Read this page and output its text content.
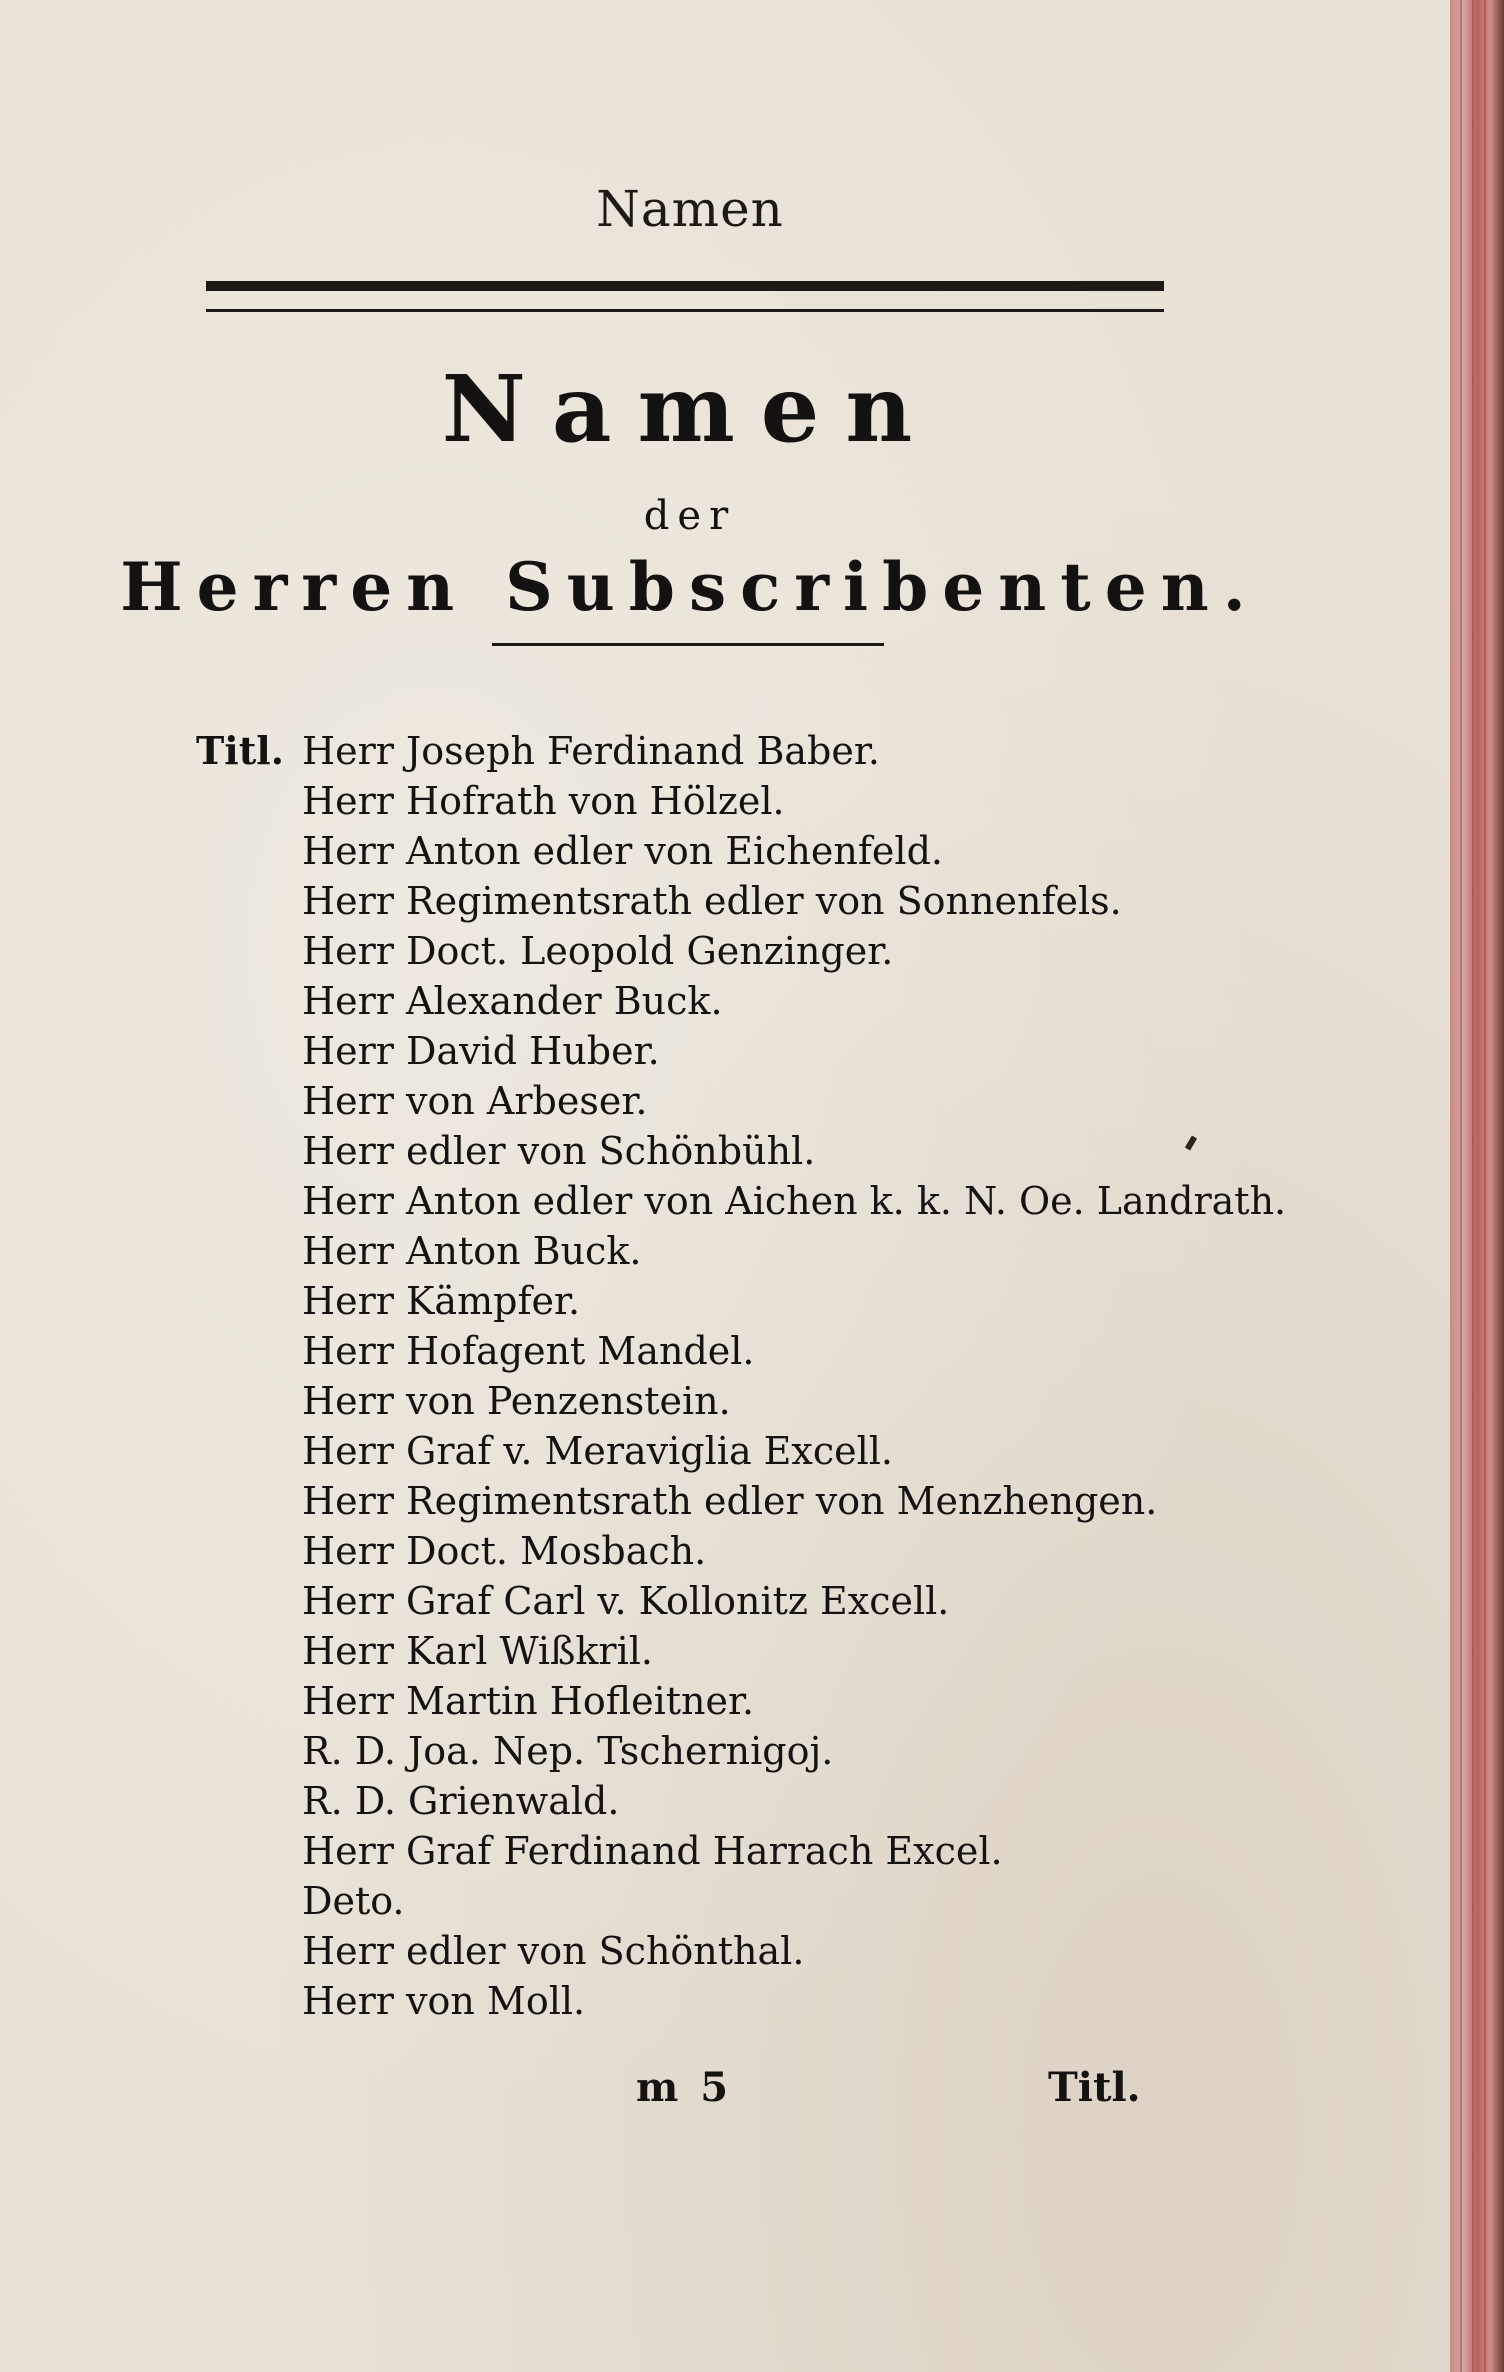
Namen
Namen
der
Herren Subscribenten.
Titl. Herr Joseph Ferdinand Baber.
Herr Hofrath von Hölzel.
Herr Anton edler von Eichenfeld.
Herr Regimentsrath edler von Sonnenfels.
Herr Doct. Leopold Genzinger.
Herr Alexander Buck.
Herr David Huber.
Herr von Arbeser.
Herr edler von Schönbühl.
Herr Anton edler von Aichen k. k. N. Oe. Landrath.
Herr Anton Buck.
Herr Kämpfer.
Herr Hofagent Mandel.
Herr von Penzenstein.
Herr Graf v. Meraviglia Excell.
Herr Regimentsrath edler von Menzhengen.
Herr Doct. Mosbach.
Herr Graf Carl v. Kollonitz Excell.
Herr Karl Wißkril.
Herr Martin Hofleitner.
R. D. Joa. Nep. Tschernigoj.
R. D. Grienwald.
Herr Graf Ferdinand Harrach Excel.
Deto.
Herr edler von Schönthal.
Herr von Moll.
m 5	Titl.
